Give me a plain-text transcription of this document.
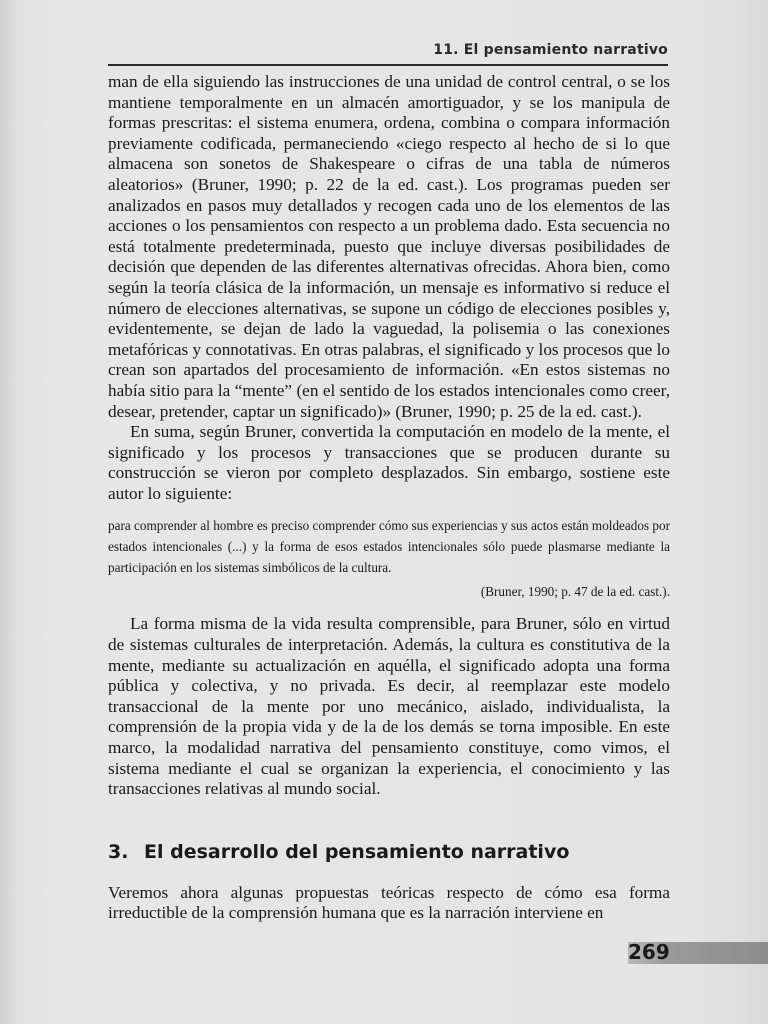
11. El pensamiento narrativo

man de ella siguiendo las instrucciones de una unidad de control central, o se los mantiene temporalmente en un almacén amortiguador, y se los manipula de formas prescritas: el sistema enumera, ordena, combina o compara información previamente codificada, permaneciendo «ciego respecto al hecho de si lo que almacena son sonetos de Shakespeare o cifras de una tabla de números aleatorios» (Bruner, 1990; p. 22 de la ed. cast.). Los programas pueden ser analizados en pasos muy detallados y recogen cada uno de los elementos de las acciones o los pensamientos con respecto a un problema dado. Esta secuencia no está totalmente predeterminada, puesto que incluye diversas posibilidades de decisión que dependen de las diferentes alternativas ofrecidas. Ahora bien, como según la teoría clásica de la información, un mensaje es informativo si reduce el número de elecciones alternativas, se supone un código de elecciones posibles y, evidentemente, se dejan de lado la vaguedad, la polisemia o las conexiones metafóricas y connotativas. En otras palabras, el significado y los procesos que lo crean son apartados del procesamiento de información. «En estos sistemas no había sitio para la “mente” (en el sentido de los estados intencionales como creer, desear, pretender, captar un significado)» (Bruner, 1990; p. 25 de la ed. cast.).

En suma, según Bruner, convertida la computación en modelo de la mente, el significado y los procesos y transacciones que se producen durante su construcción se vieron por completo desplazados. Sin embargo, sostiene este autor lo siguiente:

para comprender al hombre es preciso comprender cómo sus experiencias y sus actos están moldeados por estados intencionales (...) y la forma de esos estados intencionales sólo puede plasmarse mediante la participación en los sistemas simbólicos de la cultura.

(Bruner, 1990; p. 47 de la ed. cast.).

La forma misma de la vida resulta comprensible, para Bruner, sólo en virtud de sistemas culturales de interpretación. Además, la cultura es constitutiva de la mente, mediante su actualización en aquélla, el significado adopta una forma pública y colectiva, y no privada. Es decir, al reemplazar este modelo transaccional de la mente por uno mecánico, aislado, individualista, la comprensión de la propia vida y de la de los demás se torna imposible. En este marco, la modalidad narrativa del pensamiento constituye, como vimos, el sistema mediante el cual se organizan la experiencia, el conocimiento y las transacciones relativas al mundo social.

3. El desarrollo del pensamiento narrativo

Veremos ahora algunas propuestas teóricas respecto de cómo esa forma irreductible de la comprensión humana que es la narración interviene en

269
